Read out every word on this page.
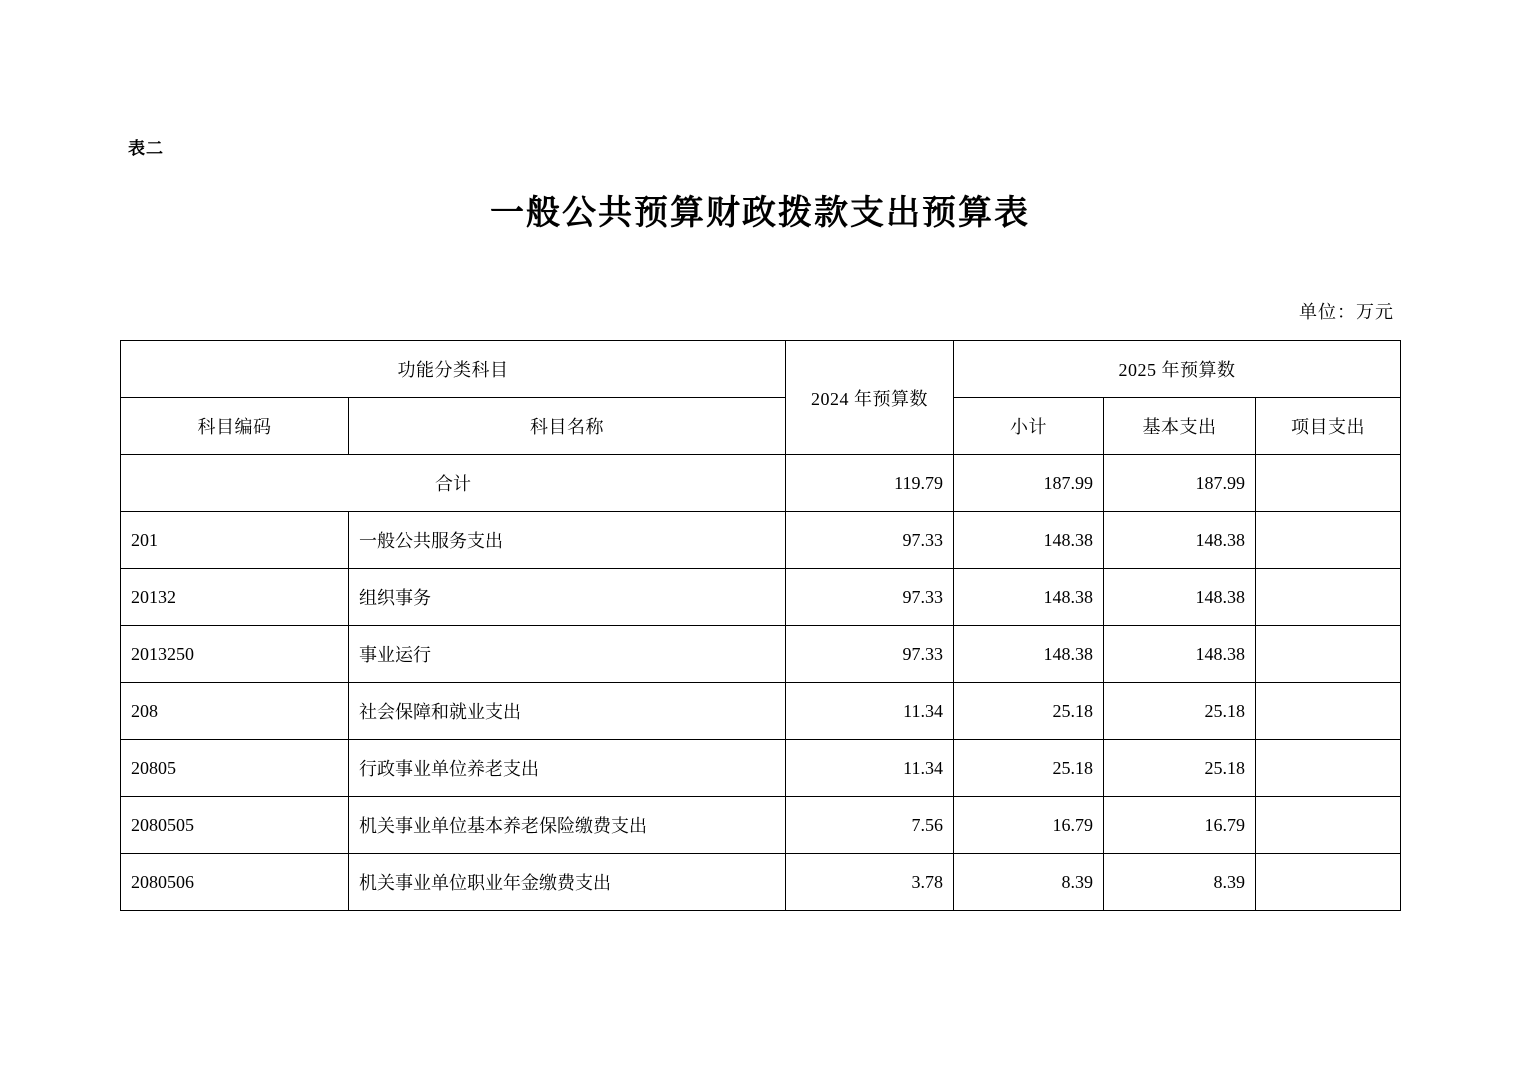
表二
一般公共预算财政拨款支出预算表
单位：万元
功能分类科目		2024 年预算数	2025 年预算数		
科目编码	科目名称		小计	基本支出	项目支出
合计		119.79	187.99	187.99	
201	一般公共服务支出	97.33	148.38	148.38	
20132	组织事务	97.33	148.38	148.38	
2013250	事业运行	97.33	148.38	148.38	
208	社会保障和就业支出	11.34	25.18	25.18	
20805	行政事业单位养老支出	11.34	25.18	25.18	
2080505	机关事业单位基本养老保险缴费支出	7.56	16.79	16.79	
2080506	机关事业单位职业年金缴费支出	3.78	8.39	8.39	
